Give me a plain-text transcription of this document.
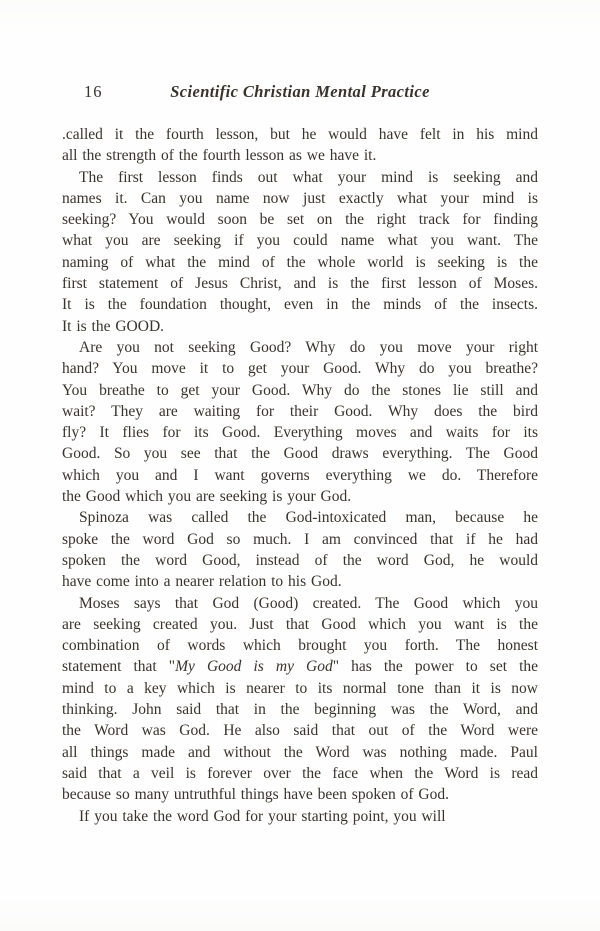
16	Scientific Christian Mental Practice
.called it the fourth lesson, but he would have felt in his mind
all the strength of the fourth lesson as we have it.
The first lesson finds out what your mind is seeking and
names it. Can you name now just exactly what your mind is
seeking? You would soon be set on the right track for finding
what you are seeking if you could name what you want. The
naming of what the mind of the whole world is seeking is the
first statement of Jesus Christ, and is the first lesson of Moses.
It is the foundation thought, even in the minds of the insects.
It is the GOOD.
Are you not seeking Good? Why do you move your right
hand? You move it to get your Good. Why do you breathe?
You breathe to get your Good. Why do the stones lie still and
wait? They are waiting for their Good. Why does the bird
fly? It flies for its Good. Everything moves and waits for its
Good. So you see that the Good draws everything. The Good
which you and I want governs everything we do. Therefore
the Good which you are seeking is your God.
Spinoza was called the God-intoxicated man, because he
spoke the word God so much. I am convinced that if he had
spoken the word Good, instead of the word God, he would
have come into a nearer relation to his God.
Moses says that God (Good) created. The Good which you
are seeking created you. Just that Good which you want is the
combination of words which brought you forth. The honest
statement that "My Good is my God" has the power to set the
mind to a key which is nearer to its normal tone than it is now
thinking. John said that in the beginning was the Word, and
the Word was God. He also said that out of the Word were
all things made and without the Word was nothing made. Paul
said that a veil is forever over the face when the Word is read
because so many untruthful things have been spoken of God.
If you take the word God for your starting point, you will
